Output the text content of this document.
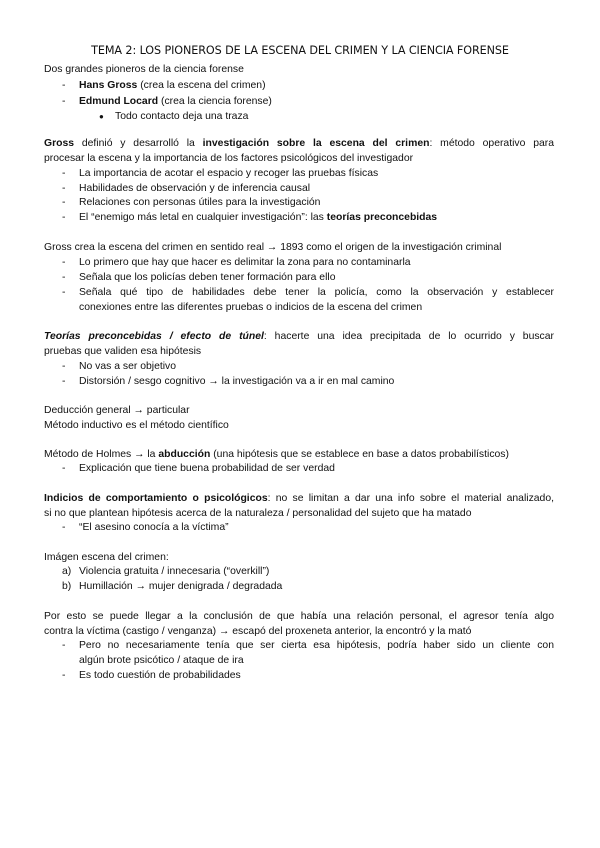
TEMA 2: LOS PIONEROS DE LA ESCENA DEL CRIMEN Y LA CIENCIA FORENSE
Dos grandes pioneros de la ciencia forense
- Hans Gross (crea la escena del crimen)
- Edmund Locard (crea la ciencia forense)
● Todo contacto deja una traza
Gross definió y desarrolló la investigación sobre la escena del crimen: método operativo para
procesar la escena y la importancia de los factores psicológicos del investigador
- La importancia de acotar el espacio y recoger las pruebas físicas
- Habilidades de observación y de inferencia causal
- Relaciones con personas útiles para la investigación
- El “enemigo más letal en cualquier investigación”: las teorías preconcebidas
Gross crea la escena del crimen en sentido real → 1893 como el origen de la investigación criminal
- Lo primero que hay que hacer es delimitar la zona para no contaminarla
- Señala que los policías deben tener formación para ello
- Señala qué tipo de habilidades debe tener la policía, como la observación y establecer
conexiones entre las diferentes pruebas o indicios de la escena del crimen
Teorías preconcebidas / efecto de túnel: hacerte una idea precipitada de lo ocurrido y buscar
pruebas que validen esa hipótesis
- No vas a ser objetivo
- Distorsión / sesgo cognitivo → la investigación va a ir en mal camino
Deducción general → particular
Método inductivo es el método científico
Método de Holmes → la abducción (una hipótesis que se establece en base a datos probabilísticos)
- Explicación que tiene buena probabilidad de ser verdad
Indicios de comportamiento o psicológicos: no se limitan a dar una info sobre el material analizado,
si no que plantean hipótesis acerca de la naturaleza / personalidad del sujeto que ha matado
- “El asesino conocía a la víctima”
Imágen escena del crimen:
a) Violencia gratuita / innecesaria (“overkill”)
b) Humillación → mujer denigrada / degradada
Por esto se puede llegar a la conclusión de que había una relación personal, el agresor tenía algo
contra la víctima (castigo / venganza) → escapó del proxeneta anterior, la encontró y la mató
- Pero no necesariamente tenía que ser cierta esa hipótesis, podría haber sido un cliente con
algún brote psicótico / ataque de ira
- Es todo cuestión de probabilidades
